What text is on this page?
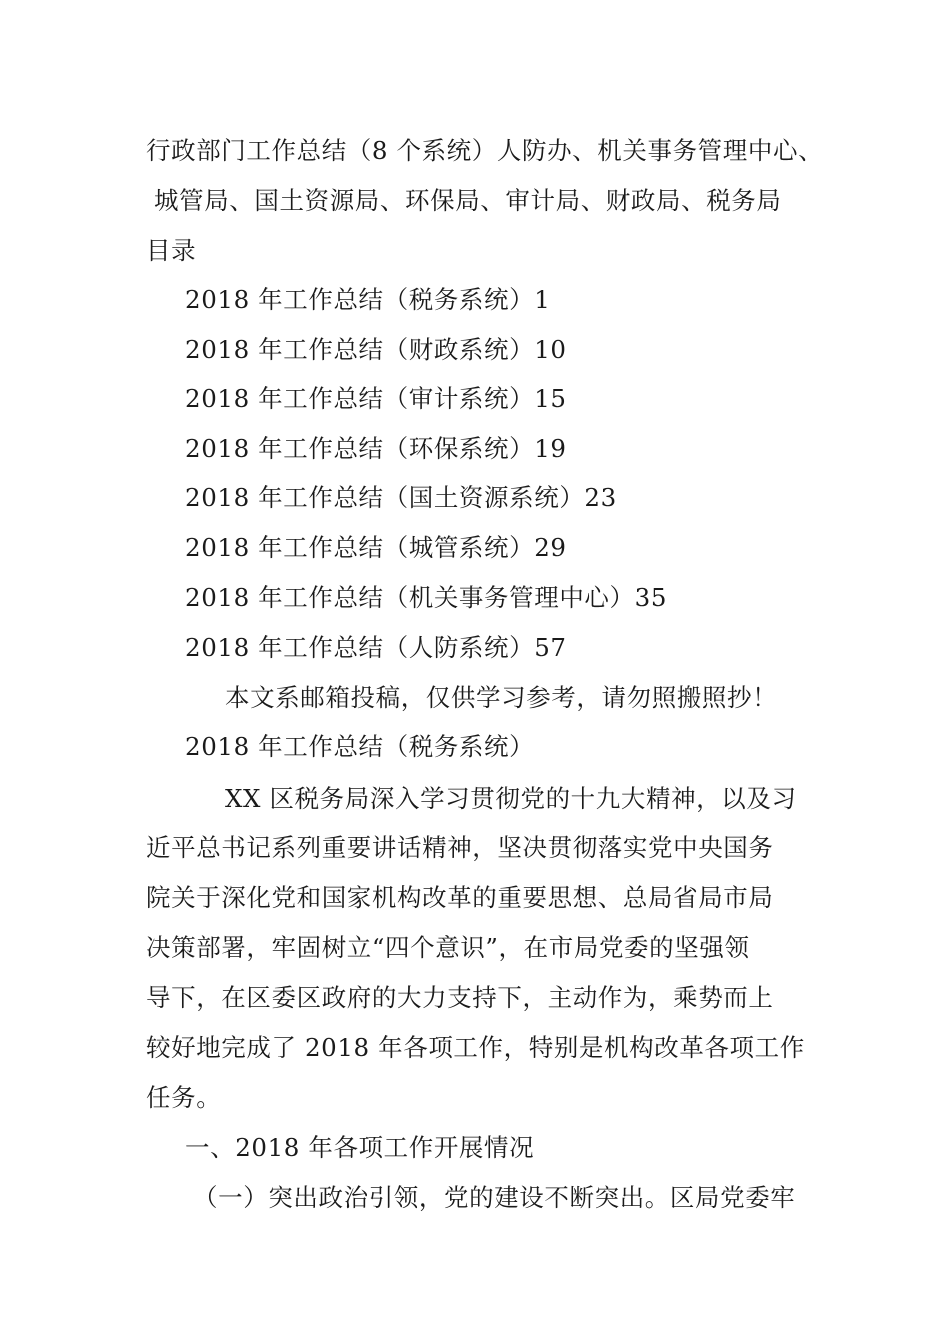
行政部门工作总结（8 个系统）人防办、机关事务管理中心、
城管局、国土资源局、环保局、审计局、财政局、税务局
目录
2018 年工作总结（税务系统）1
2018 年工作总结（财政系统）10
2018 年工作总结（审计系统）15
2018 年工作总结（环保系统）19
2018 年工作总结（国土资源系统）23
2018 年工作总结（城管系统）29
2018 年工作总结（机关事务管理中心）35
2018 年工作总结（人防系统）57
本文系邮箱投稿，仅供学习参考，请勿照搬照抄！
2018 年工作总结（税务系统）
XX 区税务局深入学习贯彻党的十九大精神，以及习
近平总书记系列重要讲话精神，坚决贯彻落实党中央国务
院关于深化党和国家机构改革的重要思想、总局省局市局
决策部署，牢固树立“四个意识”，在市局党委的坚强领
导下，在区委区政府的大力支持下，主动作为，乘势而上
较好地完成了 2018 年各项工作，特别是机构改革各项工作
任务。
一、2018 年各项工作开展情况
（一）突出政治引领，党的建设不断突出。区局党委牢
